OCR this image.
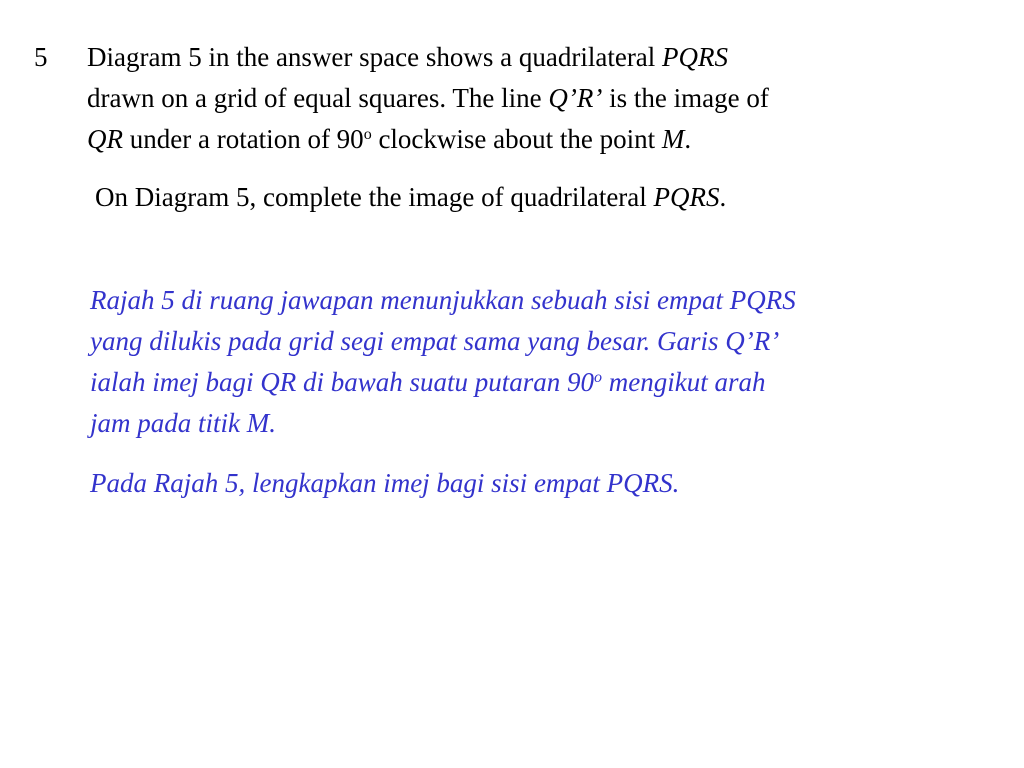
5 Diagram 5 in the answer space shows a quadrilateral PQRS
drawn on a grid of equal squares. The line Q’R’ is the image of
QR under a rotation of 90$^o$ clockwise about the point M.
On Diagram 5, complete the image of quadrilateral PQRS.
Rajah 5 di ruang jawapan menunjukkan sebuah sisi empat PQRS
yang dilukis pada grid segi empat sama yang besar. Garis Q’R’
ialah imej bagi QR di bawah suatu putaran 90$^o$ mengikut arah
jam pada titik M.
Pada Rajah 5, lengkapkan imej bagi sisi empat PQRS.
